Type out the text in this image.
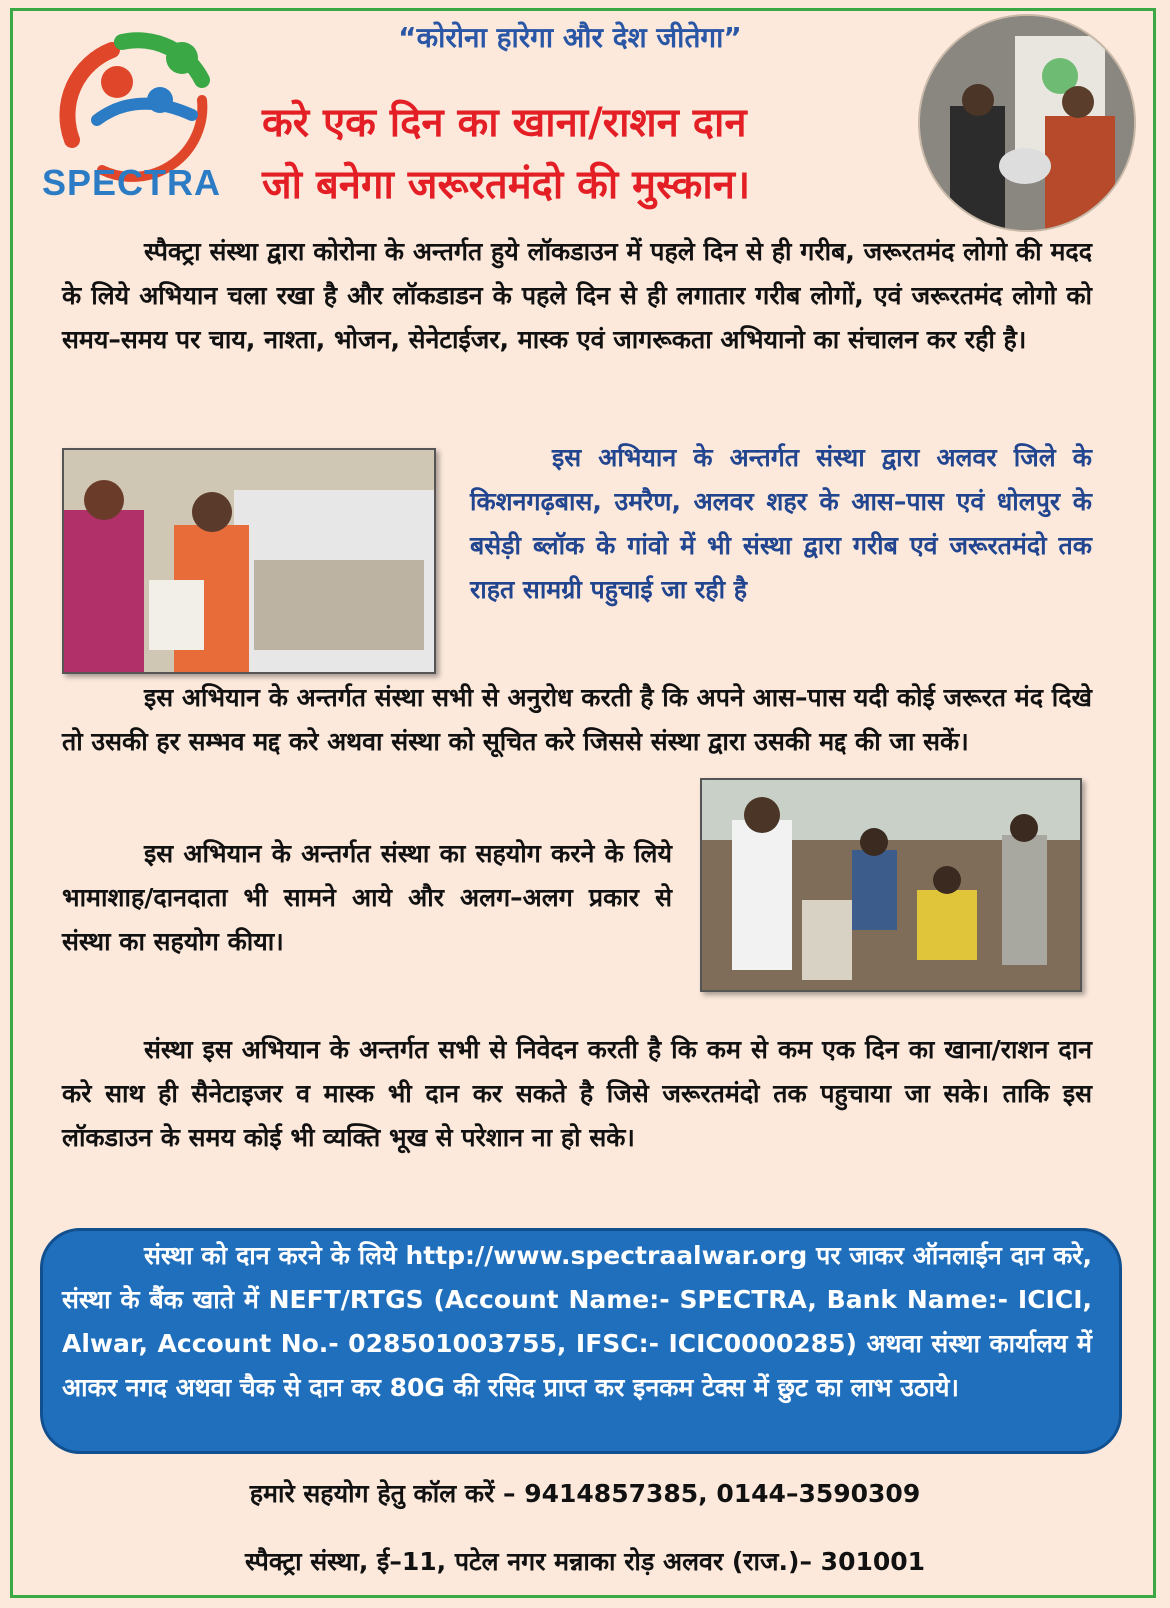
SPECTRA
“कोरोना हारेगा और देश जीतेगा”
करे एक दिन का खाना/राशन दान
जो बनेगा जरूरतमंदो की मुस्कान।

स्पैक्ट्रा संस्था द्वारा कोरोना के अन्तर्गत हुये लॉकडाउन में पहले दिन से ही गरीब, जरूरतमंद लोगो की मदद के लिये अभियान चला रखा है और लॉकडाडन के पहले दिन से ही लगातार गरीब लोगों, एवं जरूरतमंद लोगो को समय–समय पर चाय, नाश्ता, भोजन, सेनेटाईजर, मास्क एवं जागरूकता अभियानो का संचालन कर रही है।

इस अभियान के अन्तर्गत संस्था द्वारा अलवर जिले के किशनगढ़बास, उमरैण, अलवर शहर के आस–पास एवं धोलपुर के बसेड़ी ब्लॉक के गांवो में भी संस्था द्वारा गरीब एवं जरूरतमंदो तक राहत सामग्री पहुचाई जा रही है

इस अभियान के अन्तर्गत संस्था सभी से अनुरोध करती है कि अपने आस–पास यदी कोई जरूरत मंद दिखे तो उसकी हर सम्भव मद्द करे अथवा संस्था को सूचित करे जिससे संस्था द्वारा उसकी मद्द की जा सकें।

इस अभियान के अन्तर्गत संस्था का सहयोग करने के लिये भामाशाह/दानदाता भी सामने आये और अलग–अलग प्रकार से संस्था का सहयोग कीया।

संस्था इस अभियान के अन्तर्गत सभी से निवेदन करती है कि कम से कम एक दिन का खाना/राशन दान करे साथ ही सैनेटाइजर व मास्क भी दान कर सकते है जिसे जरूरतमंदो तक पहुचाया जा सके। ताकि इस लॉकडाउन के समय कोई भी व्यक्ति भूख से परेशान ना हो सके।

संस्था को दान करने के लिये http://www.spectraalwar.org पर जाकर ऑनलाईन दान करे, संस्था के बैंक खाते में NEFT/RTGS (Account Name:- SPECTRA, Bank Name:- ICICI, Alwar, Account No.- 028501003755, IFSC:- ICIC0000285) अथवा संस्था कार्यालय में आकर नगद अथवा चैक से दान कर 80G की रसिद प्राप्त कर इनकम टेक्स में छुट का लाभ उठाये।

हमारे सहयोग हेतु कॉल करें – 9414857385, 0144–3590309
स्पैक्ट्रा संस्था, ई–11, पटेल नगर मन्नाका रोड़ अलवर (राज.)– 301001
